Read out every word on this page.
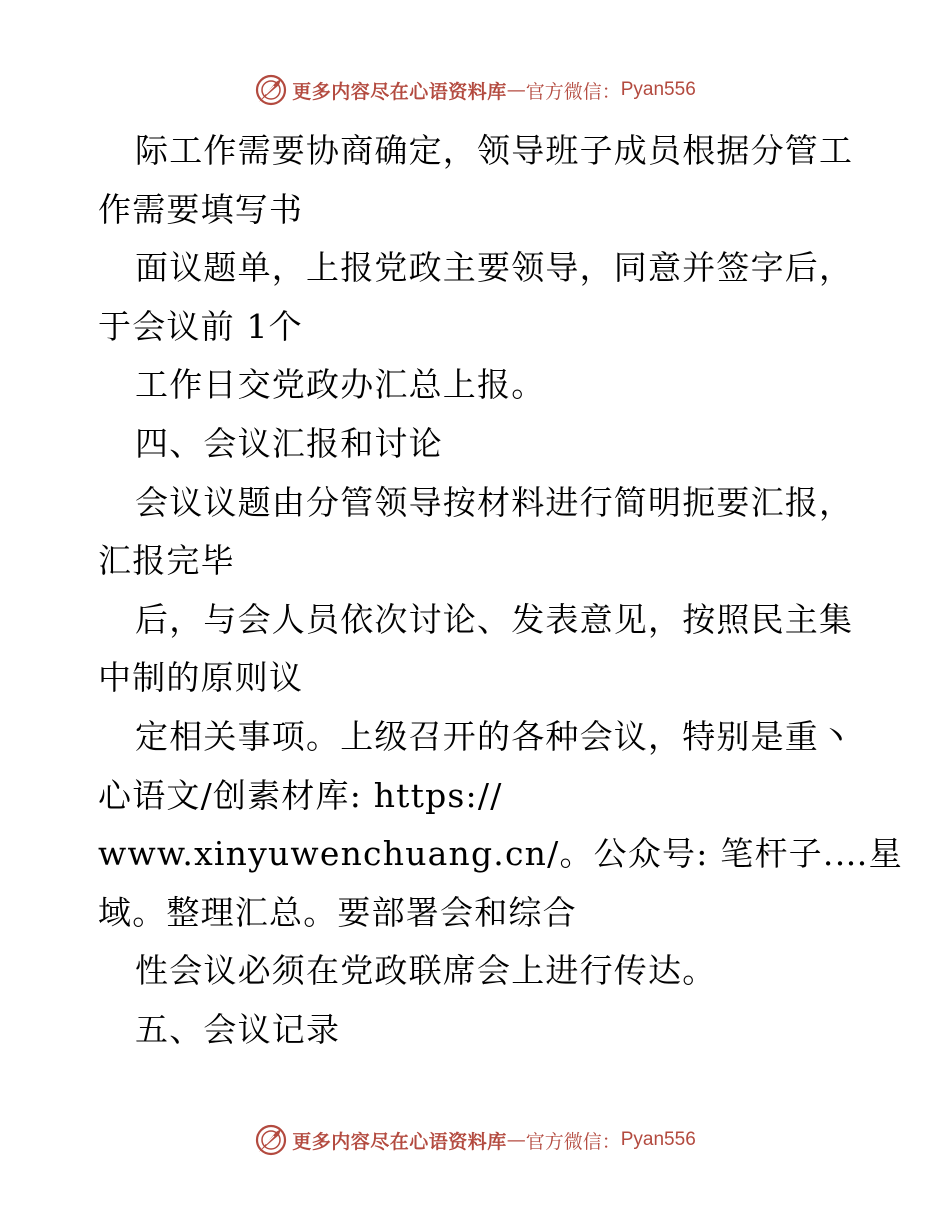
更多内容尽在心语资料库 — 官方微信： Pyan556
际工作需要协商确定，领导班子成员根据分管工
作需要填写书
面议题单，上报党政主要领导，同意并签字后，
于会议前 1个
工作日交党政办汇总上报。
四、会议汇报和讨论
会议议题由分管领导按材料进行简明扼要汇报，
汇报完毕
后，与会人员依次讨论、发表意见，按照民主集
中制的原则议
定相关事项。上级召开的各种会议，特别是重丶
心语文/创素材库: https://
www.xinyuwenchuang.cn/。公众号: 笔杆子.…星
域。整理汇总。要部署会和综合
性会议必须在党政联席会上进行传达。
五、会议记录
更多内容尽在心语资料库 — 官方微信： Pyan556
